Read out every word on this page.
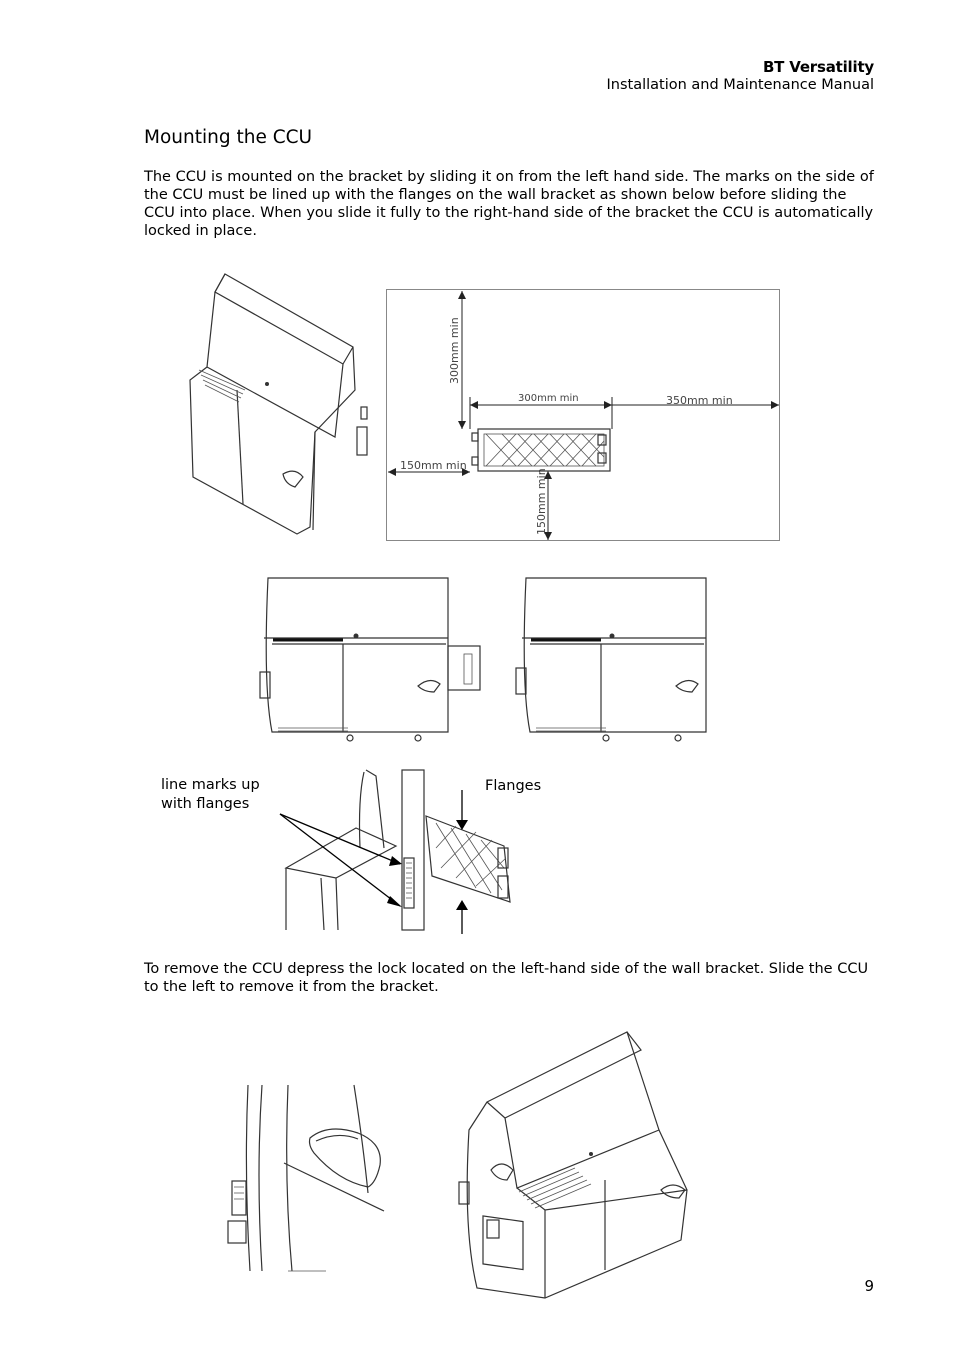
BT Versatility
Installation and Maintenance Manual
Mounting the CCU
The CCU is mounted on the bracket by sliding it on from the left hand side. The marks on the side of the CCU must be lined up with the flanges on the wall bracket as shown below before sliding the CCU into place. When you slide it fully to the right-hand side of the bracket the CCU is automatically locked in place.
300mm min
300mm min	350mm min
150mm min
150mm min
line marks up with flanges
Flanges
To remove the CCU depress the lock located on the left-hand side of the wall bracket. Slide the CCU to the left to remove it from the bracket.
9
